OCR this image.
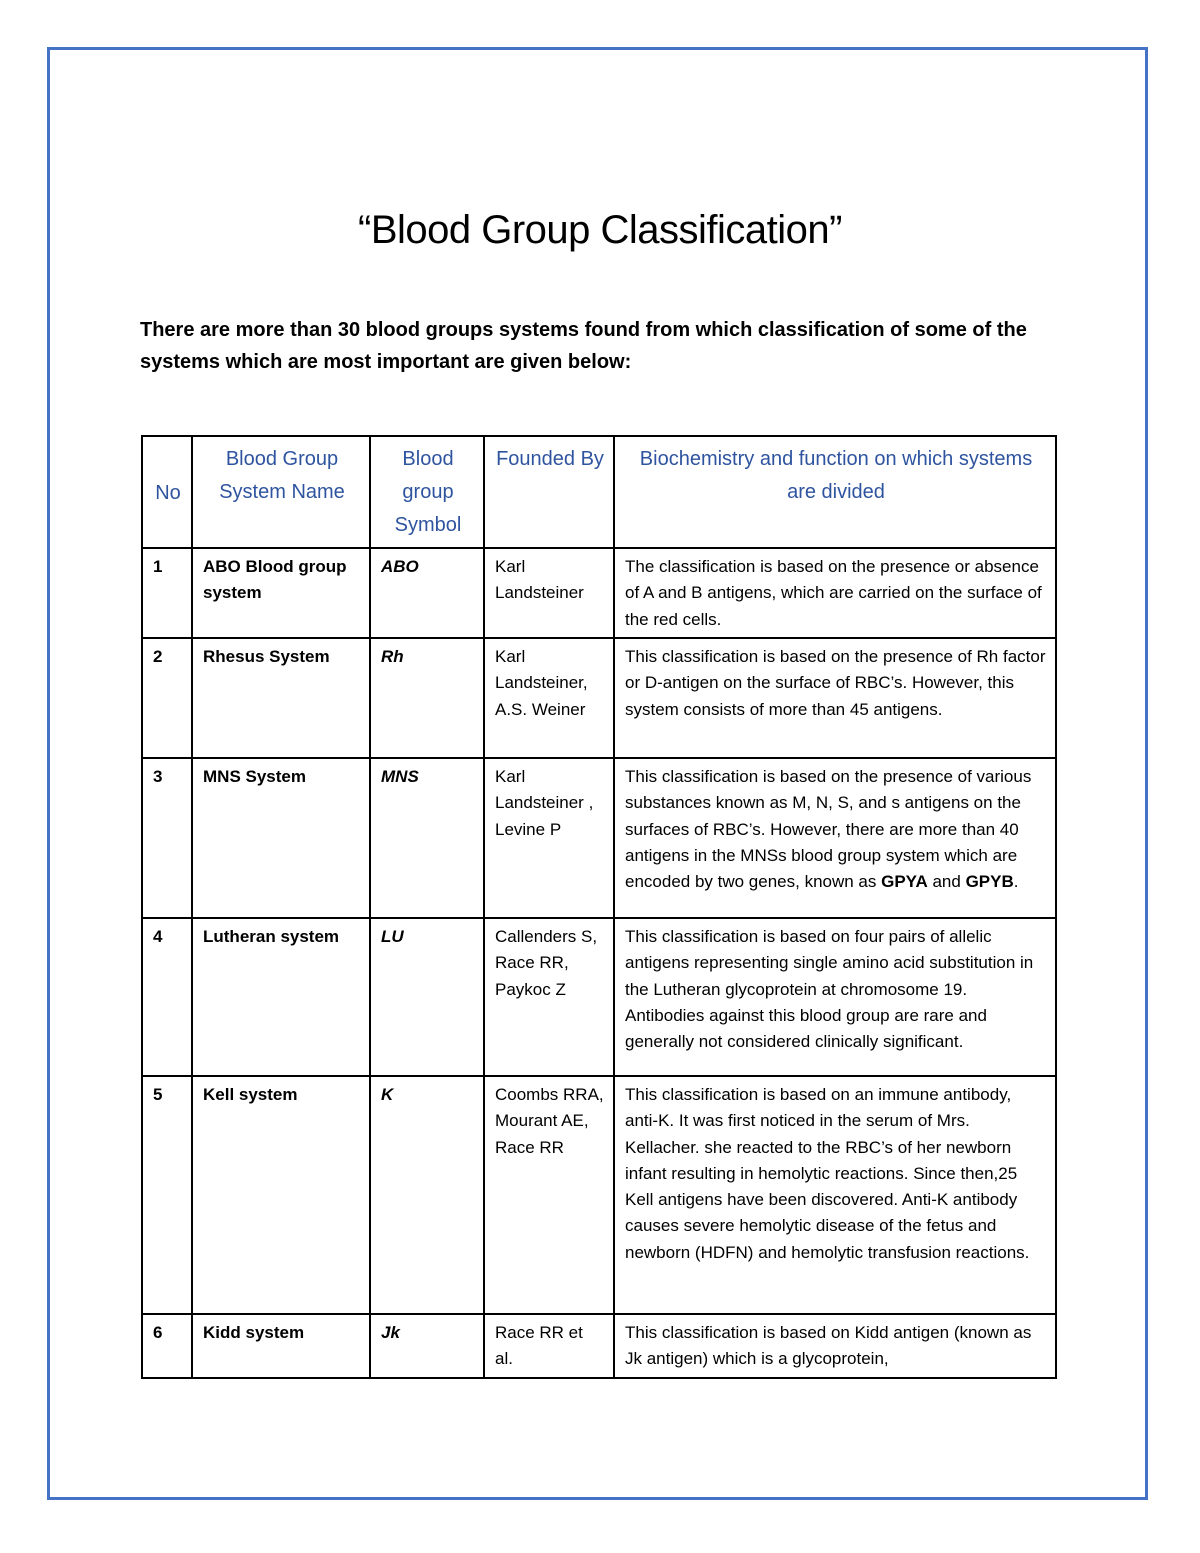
“Blood Group Classification”

There are more than 30 blood groups systems found from which classification of some of the systems which are most important are given below:

No	Blood Group System Name	Blood group Symbol	Founded By	Biochemistry and function on which systems are divided
1	ABO Blood group system	ABO	Karl Landsteiner	The classification is based on the presence or absence of A and B antigens, which are carried on the surface of the red cells.
2	Rhesus System	Rh	Karl Landsteiner, A.S. Weiner	This classification is based on the presence of Rh factor or D-antigen on the surface of RBC’s. However, this system consists of more than 45 antigens.
3	MNS System	MNS	Karl Landsteiner , Levine P	This classification is based on the presence of various substances known as M, N, S, and s antigens on the surfaces of RBC’s. However, there are more than 40 antigens in the MNSs blood group system which are encoded by two genes, known as GPYA and GPYB.
4	Lutheran system	LU	Callenders S, Race RR, Paykoc Z	This classification is based on four pairs of allelic antigens representing single amino acid substitution in the Lutheran glycoprotein at chromosome 19. Antibodies against this blood group are rare and generally not considered clinically significant.
5	Kell system	K	Coombs RRA, Mourant AE, Race RR	This classification is based on an immune antibody, anti-K. It was first noticed in the serum of Mrs. Kellacher. she reacted to the RBC’s of her newborn infant resulting in hemolytic reactions. Since then,25 Kell antigens have been discovered. Anti-K antibody causes severe hemolytic disease of the fetus and newborn (HDFN) and hemolytic transfusion reactions.
6	Kidd system	Jk	Race RR et al.	This classification is based on Kidd antigen (known as Jk antigen) which is a glycoprotein,
